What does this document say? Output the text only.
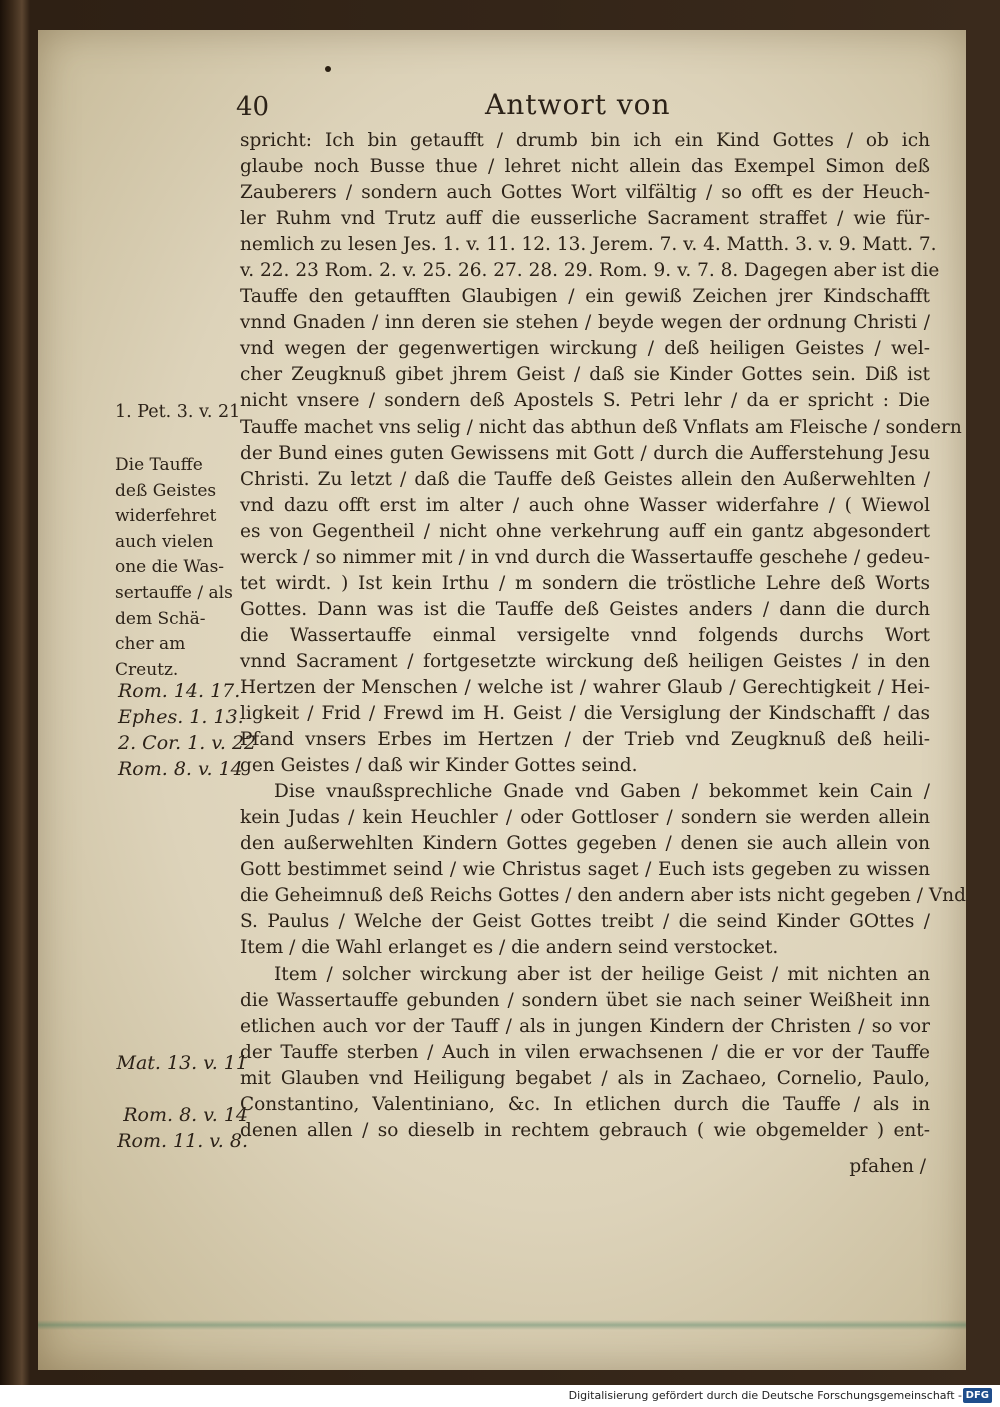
40	Antwort von
spricht: Ich bin getaufft / drumb bin ich ein Kind Gottes / ob ich
glaube noch Busse thue / lehret nicht allein das Exempel Simon deß
Zauberers / sondern auch Gottes Wort vilfältig / so offt es der Heuch-
ler Ruhm vnd Trutz auff die eusserliche Sacrament straffet / wie für-
nemlich zu lesen Jes. 1. v. 11. 12. 13. Jerem. 7. v. 4. Matth. 3. v. 9. Matt. 7.
v. 22. 23 Rom. 2. v. 25. 26. 27. 28. 29. Rom. 9. v. 7. 8. Dagegen aber ist die
Tauffe den getaufften Glaubigen / ein gewiß Zeichen jrer Kindschafft
vnnd Gnaden / inn deren sie stehen / beyde wegen der ordnung Christi /
vnd wegen der gegenwertigen wirckung / deß heiligen Geistes / wel-
cher Zeugknuß gibet jhrem Geist / daß sie Kinder Gottes sein. Diß ist
nicht vnsere / sondern deß Apostels S. Petri lehr / da er spricht : Die
Tauffe machet vns selig / nicht das abthun deß Vnflats am Fleische / sondern
der Bund eines guten Gewissens mit Gott / durch die Aufferstehung Jesu
Christi. Zu letzt / daß die Tauffe deß Geistes allein den Außerwehlten /
vnd dazu offt erst im alter / auch ohne Wasser widerfahre / ( Wiewol
es von Gegentheil / nicht ohne verkehrung auff ein gantz abgesondert
werck / so nimmer mit / in vnd durch die Wassertauffe geschehe / gedeu-
tet wirdt. ) Ist kein Irthu / m sondern die tröstliche Lehre deß Worts
Gottes. Dann was ist die Tauffe deß Geistes anders / dann die durch
die Wassertauffe einmal versigelte vnnd folgends durchs Wort
vnnd Sacrament / fortgesetzte wirckung deß heiligen Geistes / in den
Hertzen der Menschen / welche ist / wahrer Glaub / Gerechtigkeit / Hei-
ligkeit / Frid / Frewd im H. Geist / die Versiglung der Kindschafft / das
Pfand vnsers Erbes im Hertzen / der Trieb vnd Zeugknuß deß heili-
gen Geistes / daß wir Kinder Gottes seind.
Dise vnaußsprechliche Gnade vnd Gaben / bekommet kein Cain /
kein Judas / kein Heuchler / oder Gottloser / sondern sie werden allein
den außerwehlten Kindern Gottes gegeben / denen sie auch allein von
Gott bestimmet seind / wie Christus saget / Euch ists gegeben zu wissen
die Geheimnuß deß Reichs Gottes / den andern aber ists nicht gegeben / Vnd
S. Paulus / Welche der Geist Gottes treibt / die seind Kinder GOttes /
Item / die Wahl erlanget es / die andern seind verstocket.
Item / solcher wirckung aber ist der heilige Geist / mit nichten an
die Wassertauffe gebunden / sondern übet sie nach seiner Weißheit inn
etlichen auch vor der Tauff / als in jungen Kindern der Christen / so vor
der Tauffe sterben / Auch in vilen erwachsenen / die er vor der Tauffe
mit Glauben vnd Heiligung begabet / als in Zachaeo, Cornelio, Paulo,
Constantino, Valentiniano, &c. In etlichen durch die Tauffe / als in
denen allen / so dieselb in rechtem gebrauch ( wie obgemelder ) ent-
1. Pet. 3. v. 21
Die Tauffe
deß Geistes
widerfehret
auch vielen
one die Was-
sertauffe / als
dem Schä-
cher am
Creutz.
Rom. 14. 17.
Ephes. 1. 13.
2. Cor. 1. v. 22
Rom. 8. v. 14
Mat. 13. v. 11
Rom. 8. v. 14
Rom. 11. v. 8.
pfahen /
Digitalisierung gefördert durch die Deutsche Forschungsgemeinschaft - DFG
